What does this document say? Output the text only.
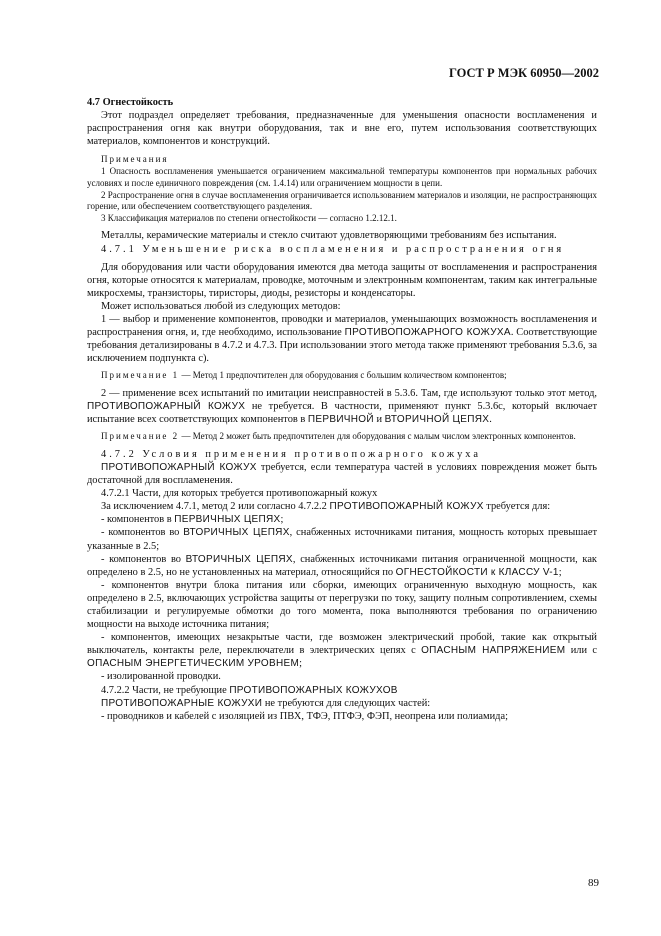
ГОСТ Р МЭК 60950—2002
4.7 Огнестойкость

Этот подраздел определяет требования, предназначенные для уменьшения опасности воспламенения и распространения огня как внутри оборудования, так и вне его, путем использования соответствующих материалов, компонентов и конструкций.

Примечания

1 Опасность воспламенения уменьшается ограничением максимальной температуры компонентов при нормальных рабочих условиях и после единичного повреждения (см. 1.4.14) или ограничением мощности в цепи.

2 Распространение огня в случае воспламенения ограничивается использованием материалов и изоляции, не распространяющих горение, или обеспечением соответствующего разделения.

3 Классификация материалов по степени огнестойкости — согласно 1.2.12.1.

Металлы, керамические материалы и стекло считают удовлетворяющими требованиям без испытания.

4.7.1 Уменьшение риска воспламенения и распространения огня

Для оборудования или части оборудования имеются два метода защиты от воспламенения и распространения огня, которые относятся к материалам, проводке, моточным и электронным компонентам, таким как интегральные микросхемы, транзисторы, тиристоры, диоды, резисторы и конденсаторы.

Может использоваться любой из следующих методов:

1 — выбор и применение компонентов, проводки и материалов, уменьшающих возможность воспламенения и распространения огня, и, где необходимо, использование ПРОТИВОПОЖАРНОГО КОЖУХА. Соответствующие требования детализированы в 4.7.2 и 4.7.3. При использовании этого метода также применяют требования 5.3.6, за исключением подпункта с).

Примечание 1 — Метод 1 предпочтителен для оборудования с большим количеством компонентов;

2 — применение всех испытаний по имитации неисправностей в 5.3.6. Там, где используют только этот метод, ПРОТИВОПОЖАРНЫЙ КОЖУХ не требуется. В частности, применяют пункт 5.3.6с, который включает испытание всех соответствующих компонентов в ПЕРВИЧНОЙ и ВТОРИЧНОЙ ЦЕПЯХ.

Примечание 2 — Метод 2 может быть предпочтителен для оборудования с малым числом электронных компонентов.

4.7.2 Условия применения противопожарного кожуха

ПРОТИВОПОЖАРНЫЙ КОЖУХ требуется, если температура частей в условиях повреждения может быть достаточной для воспламенения.

4.7.2.1 Части, для которых требуется противопожарный кожух

За исключением 4.7.1, метод 2 или согласно 4.7.2.2 ПРОТИВОПОЖАРНЫЙ КОЖУХ требуется для:

- компонентов в ПЕРВИЧНЫХ ЦЕПЯХ;

- компонентов во ВТОРИЧНЫХ ЦЕПЯХ, снабженных источниками питания, мощность которых превышает указанные в 2.5;

- компонентов во ВТОРИЧНЫХ ЦЕПЯХ, снабженных источниками питания ограниченной мощности, как определено в 2.5, но не установленных на материал, относящийся по ОГНЕСТОЙКОСТИ к КЛАССУ V-1;

- компонентов внутри блока питания или сборки, имеющих ограниченную выходную мощность, как определено в 2.5, включающих устройства защиты от перегрузки по току, защиту полным сопротивлением, схемы стабилизации и регулируемые обмотки до того момента, пока выполняются требования по ограничению мощности на выходе источника питания;

- компонентов, имеющих незакрытые части, где возможен электрический пробой, такие как открытый выключатель, контакты реле, переключатели в электрических цепях с ОПАСНЫМ НАПРЯЖЕНИЕМ или с ОПАСНЫМ ЭНЕРГЕТИЧЕСКИМ УРОВНЕМ;

- изолированной проводки.

4.7.2.2 Части, не требующие ПРОТИВОПОЖАРНЫХ КОЖУХОВ

ПРОТИВОПОЖАРНЫЕ КОЖУХИ не требуются для следующих частей:

- проводников и кабелей с изоляцией из ПВХ, ТФЭ, ПТФЭ, ФЭП, неопрена или полиамида;

89
